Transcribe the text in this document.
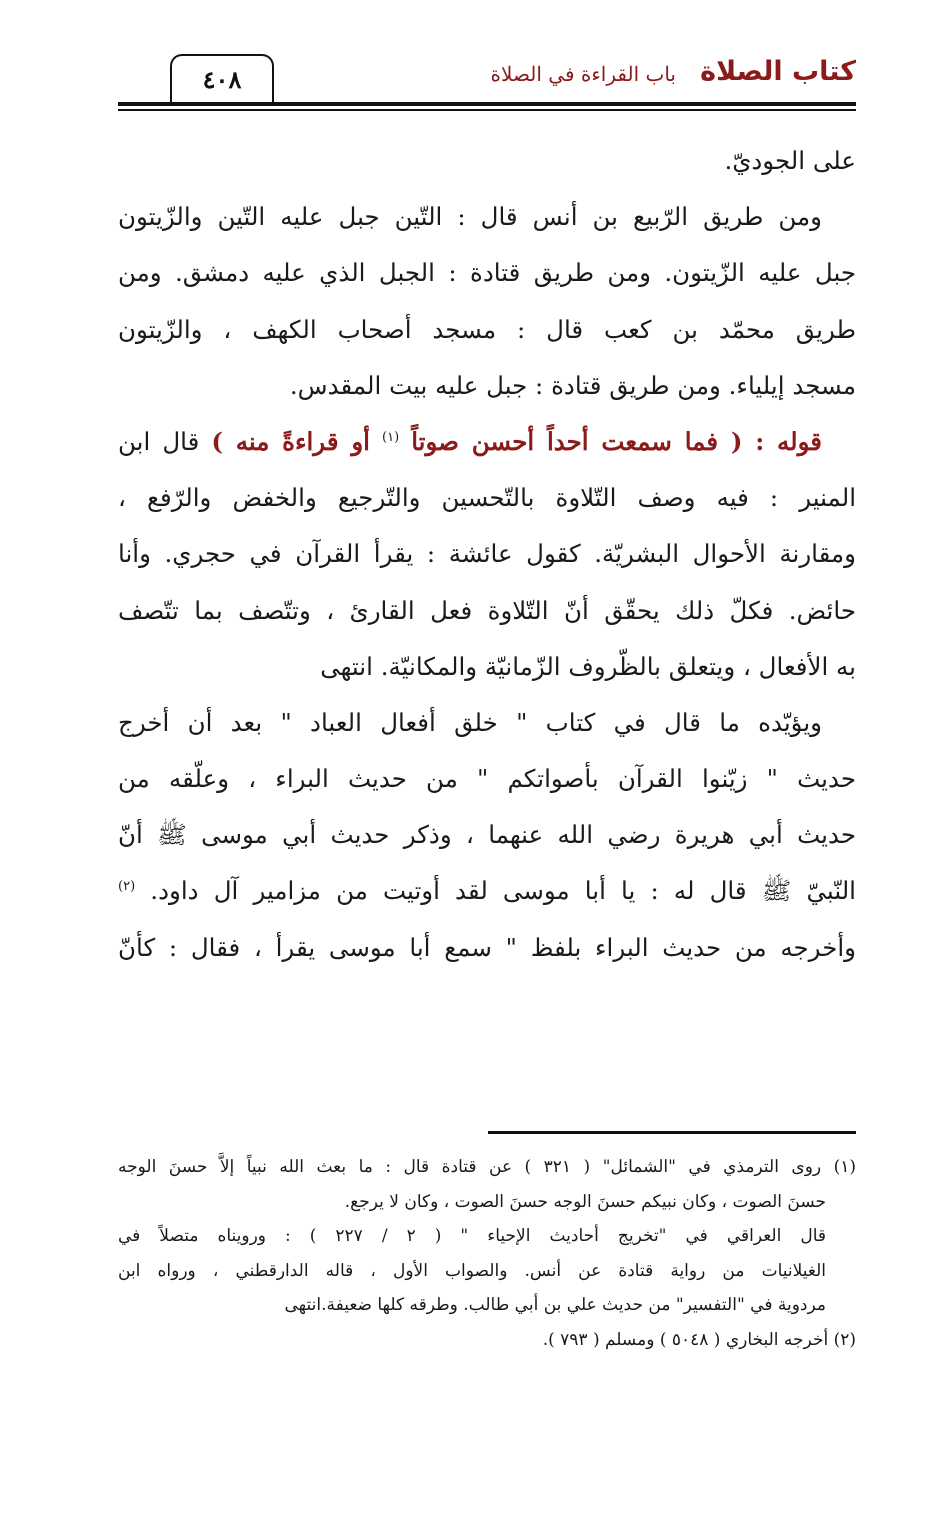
كتاب الصلاة
باب القراءة في الصلاة
٤٠٨
على الجوديّ.
ومن طريق الرّبيع بن أنس قال : التّين جبل عليه التّين والزّيتون
جبل عليه الزّيتون. ومن طريق قتادة : الجبل الذي عليه دمشق. ومن
طريق محمّد بن كعب قال : مسجد أصحاب الكهف ، والزّيتون
مسجد إيلياء. ومن طريق قتادة : جبل عليه بيت المقدس.
قوله : ( فما سمعت أحداً أحسن صوتاً $^{(١)}$ أو قراءةً منه ) قال ابن
المنير : فيه وصف التّلاوة بالتّحسين والتّرجيع والخفض والرّفع ،
ومقارنة الأحوال البشريّة. كقول عائشة : يقرأ القرآن في حجري. وأنا
حائض. فكلّ ذلك يحقّق أنّ التّلاوة فعل القارئ ، وتتّصف بما تتّصف
به الأفعال ، ويتعلق بالظّروف الزّمانيّة والمكانيّة. انتهى
ويؤيّده ما قال في كتاب " خلق أفعال العباد " بعد أن أخرج
حديث " زيّنوا القرآن بأصواتكم " من حديث البراء ، وعلّقه من
حديث أبي هريرة رضي الله عنهما ، وذكر حديث أبي موسى ﷺ أنّ
النّبيّ ﷺ قال له : يا أبا موسى لقد أوتيت من مزامير آل داود. $^{(٢)}$
وأخرجه من حديث البراء بلفظ " سمع أبا موسى يقرأ ، فقال : كأنّ
(١) روى الترمذي في "الشمائل" ( ٣٢١ ) عن قتادة قال : ما بعث الله نبياً إلاَّ حسنَ الوجه
حسنَ الصوت ، وكان نبيكم حسنَ الوجه حسنَ الصوت ، وكان لا يرجع.
قال العراقي في "تخريج أحاديث الإحياء " ( ٢ / ٢٢٧ ) : ورويناه متصلاً في
الغيلانيات من رواية قتادة عن أنس. والصواب الأول ، قاله الدارقطني ، ورواه ابن
مردوية في "التفسير" من حديث علي بن أبي طالب. وطرقه كلها ضعيفة.انتهى
(٢) أخرجه البخاري ( ٥٠٤٨ ) ومسلم ( ٧٩٣ ).
